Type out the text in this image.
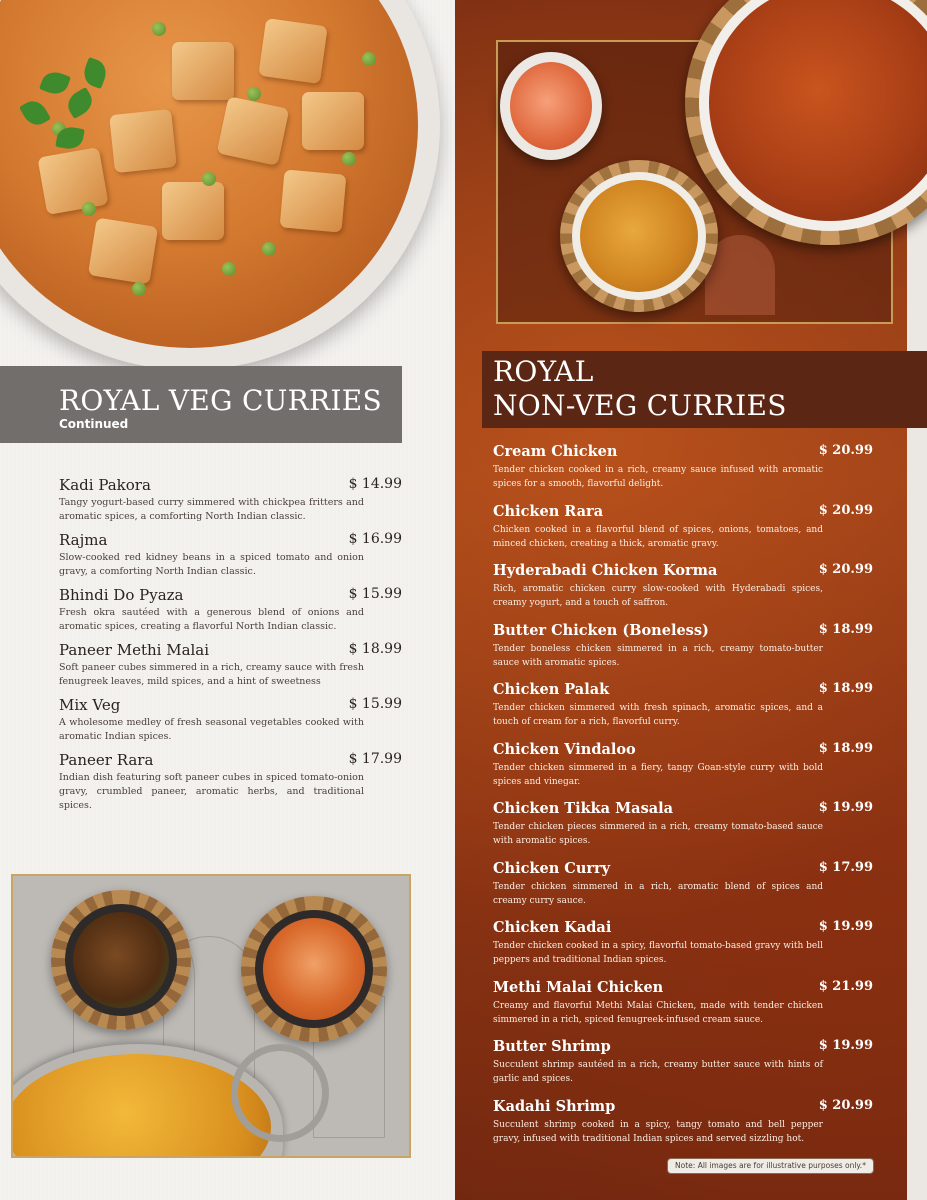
ROYAL VEG CURRIES
Continued
Kadi Pakora	$ 14.99
Tangy yogurt-based curry simmered with chickpea fritters and aromatic spices, a comforting North Indian classic.
Rajma	$ 16.99
Slow-cooked red kidney beans in a spiced tomato and onion gravy, a comforting North Indian classic.
Bhindi Do Pyaza	$ 15.99
Fresh okra sautéed with a generous blend of onions and aromatic spices, creating a flavorful North Indian classic.
Paneer Methi Malai	$ 18.99
Soft paneer cubes simmered in a rich, creamy sauce with fresh fenugreek leaves, mild spices, and a hint of sweetness
Mix Veg	$ 15.99
A wholesome medley of fresh seasonal vegetables cooked with aromatic Indian spices.
Paneer Rara	$ 17.99
Indian dish featuring soft paneer cubes in spiced tomato-onion gravy, crumbled paneer, aromatic herbs, and traditional spices.
ROYAL
NON-VEG CURRIES
Cream Chicken	$ 20.99
Tender chicken cooked in a rich, creamy sauce infused with aromatic spices for a smooth, flavorful delight.
Chicken Rara	$ 20.99
Chicken cooked in a flavorful blend of spices, onions, tomatoes, and minced chicken, creating a thick, aromatic gravy.
Hyderabadi Chicken Korma	$ 20.99
Rich, aromatic chicken curry slow-cooked with Hyderabadi spices, creamy yogurt, and a touch of saffron.
Butter Chicken (Boneless)	$ 18.99
Tender boneless chicken simmered in a rich, creamy tomato-butter sauce with aromatic spices.
Chicken Palak	$ 18.99
Tender chicken simmered with fresh spinach, aromatic spices, and a touch of cream for a rich, flavorful curry.
Chicken Vindaloo	$ 18.99
Tender chicken simmered in a fiery, tangy Goan-style curry with bold spices and vinegar.
Chicken Tikka Masala	$ 19.99
Tender chicken pieces simmered in a rich, creamy tomato-based sauce with aromatic spices.
Chicken Curry	$ 17.99
Tender chicken simmered in a rich, aromatic blend of spices and creamy curry sauce.
Chicken Kadai	$ 19.99
Tender chicken cooked in a spicy, flavorful tomato-based gravy with bell peppers and traditional Indian spices.
Methi Malai Chicken	$ 21.99
Creamy and flavorful Methi Malai Chicken, made with tender chicken simmered in a rich, spiced fenugreek-infused cream sauce.
Butter Shrimp	$ 19.99
Succulent shrimp sautéed in a rich, creamy butter sauce with hints of garlic and spices.
Kadahi Shrimp	$ 20.99
Succulent shrimp cooked in a spicy, tangy tomato and bell pepper gravy, infused with traditional Indian spices and served sizzling hot.
Note: All images are for illustrative purposes only.*
